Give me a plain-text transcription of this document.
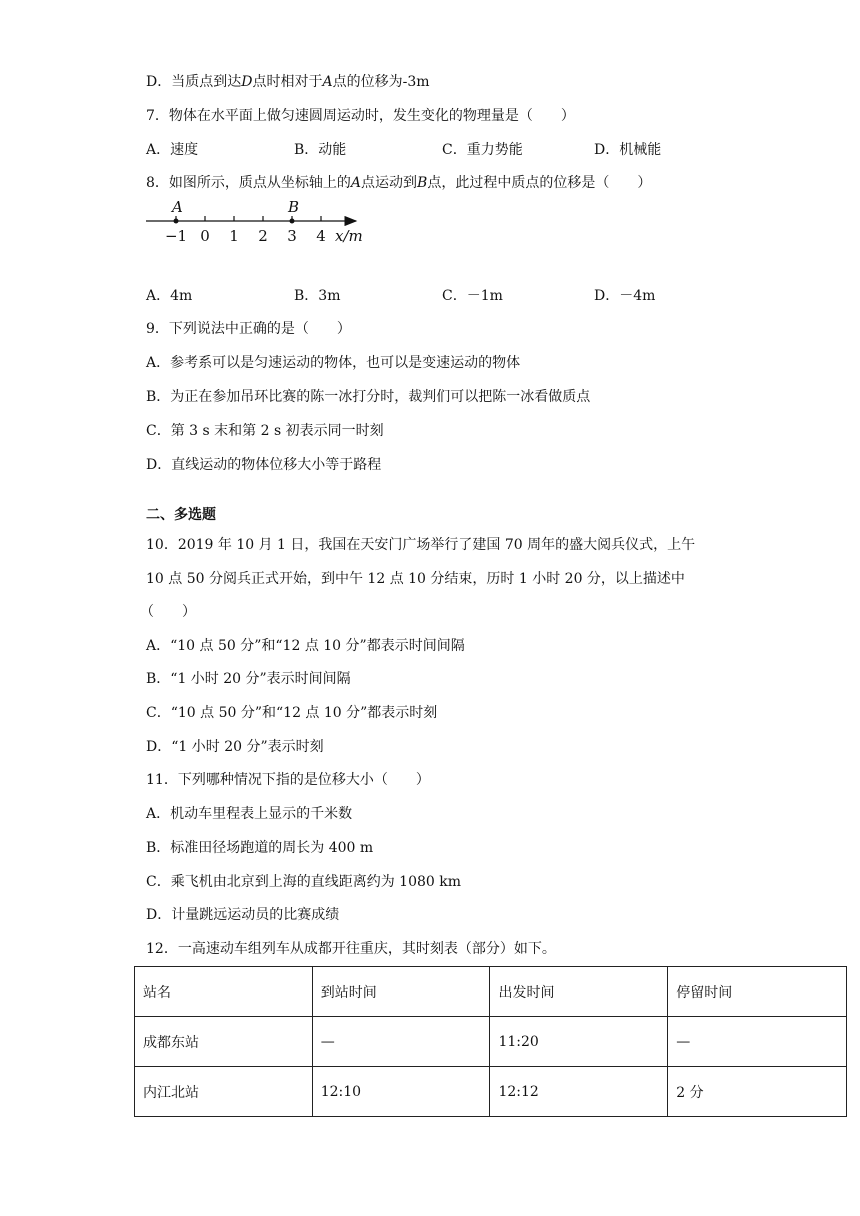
D．当质点到达D点时相对于A点的位移为-3m
7．物体在水平面上做匀速圆周运动时，发生变化的物理量是（　　）
A．速度	B．动能	C．重力势能	D．机械能
8．如图所示，质点从坐标轴上的A点运动到B点，此过程中质点的位移是（　　）
A	B
−1 0 1 2 3 4 x/m
A．4m	B．3m	C．－1m	D．－4m
9．下列说法中正确的是（　　）
A．参考系可以是匀速运动的物体，也可以是变速运动的物体
B．为正在参加吊环比赛的陈一冰打分时，裁判们可以把陈一冰看做质点
C．第 3 s 末和第 2 s 初表示同一时刻
D．直线运动的物体位移大小等于路程
二、多选题
10．2019 年 10 月 1 日，我国在天安门广场举行了建国 70 周年的盛大阅兵仪式，上午
10 点 50 分阅兵正式开始，到中午 12 点 10 分结束，历时 1 小时 20 分，以上描述中
（　　）
A．“10 点 50 分”和“12 点 10 分”都表示时间间隔
B．“1 小时 20 分”表示时间间隔
C．“10 点 50 分”和“12 点 10 分”都表示时刻
D．“1 小时 20 分”表示时刻
11．下列哪种情况下指的是位移大小（　　）
A．机动车里程表上显示的千米数
B．标准田径场跑道的周长为 400 m
C．乘飞机由北京到上海的直线距离约为 1080 km
D．计量跳远运动员的比赛成绩
12．一高速动车组列车从成都开往重庆，其时刻表（部分）如下。
站名	到站时间	出发时间	停留时间
成都东站	—	11:20	—
内江北站	12:10	12:12	2 分
